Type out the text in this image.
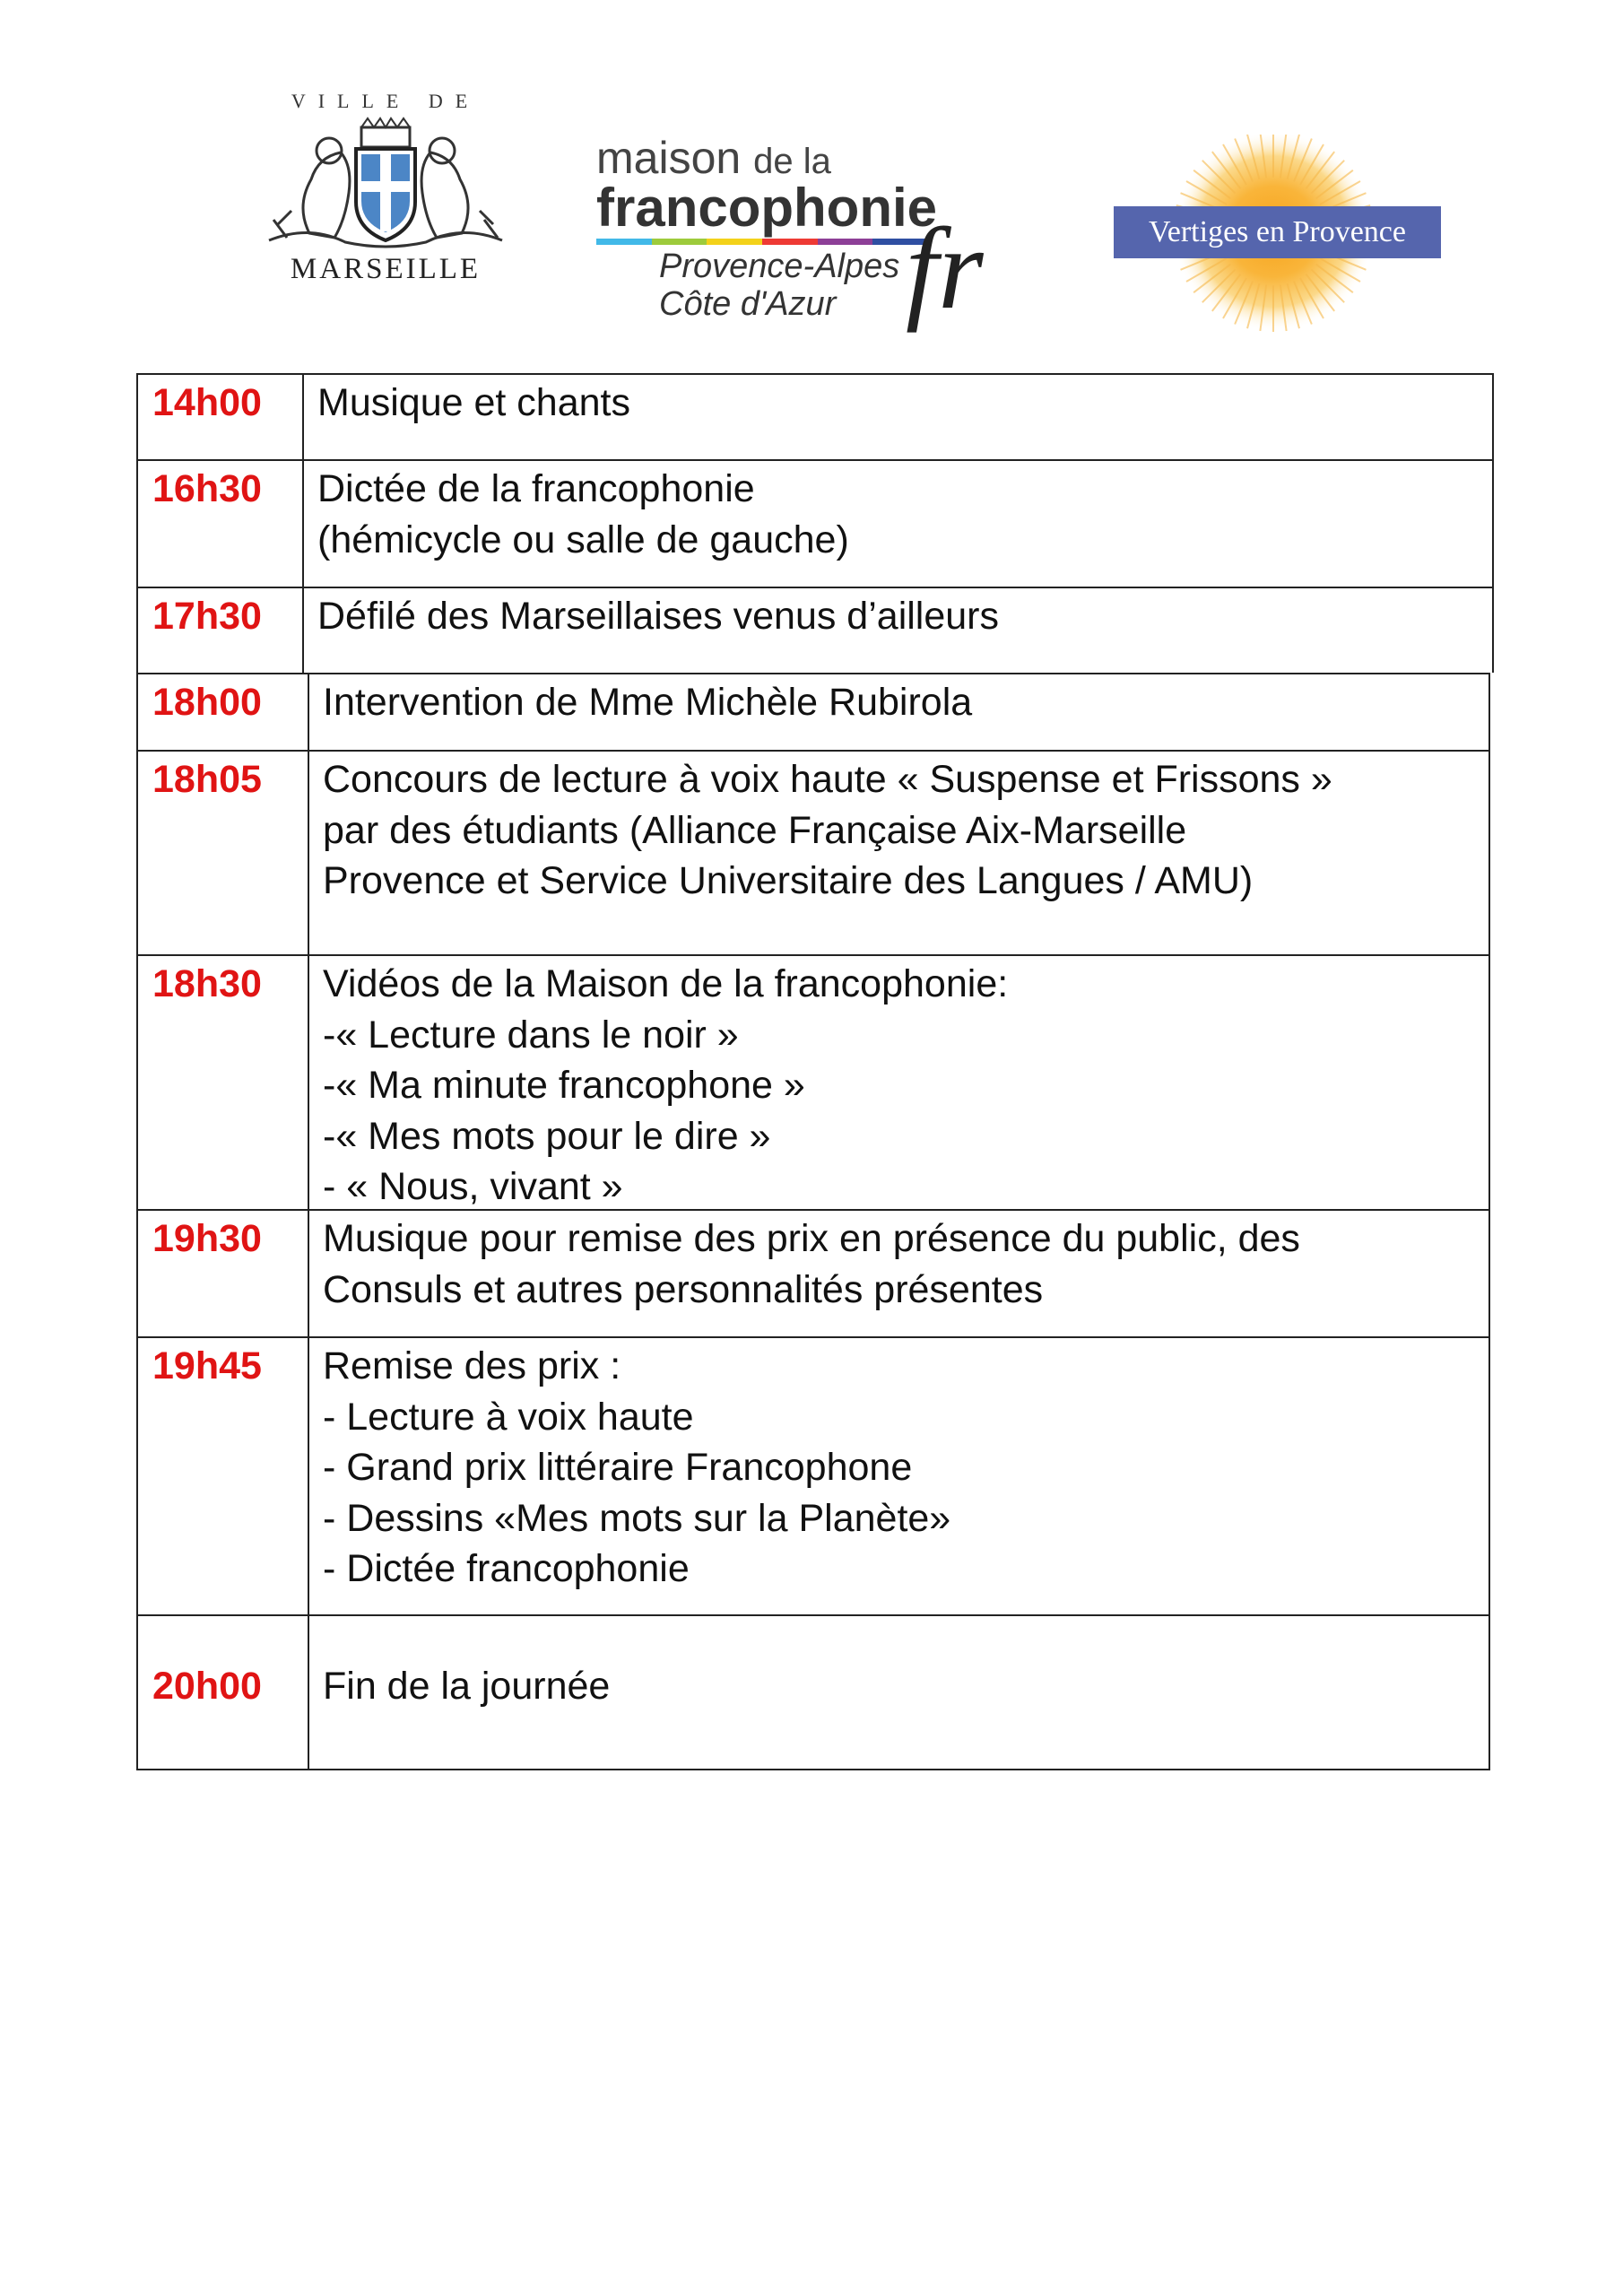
VILLE DE
MARSEILLE
maison de la
francophonie
Provence-Alpes
Côte d'Azur fr	Vertiges en Provence
14h00	Musique et chants
16h30	Dictée de la francophonie
(hémicycle ou salle de gauche)
17h30	Défilé des Marseillaises venus d’ailleurs
18h00	Intervention de Mme Michèle Rubirola
18h05	Concours de lecture à voix haute « Suspense et Frissons »
par des étudiants (Alliance Française Aix-Marseille
Provence et Service Universitaire des Langues / AMU)
18h30	Vidéos de la Maison de la francophonie:
-« Lecture dans le noir »
-« Ma minute francophone »
-« Mes mots pour le dire »
- « Nous, vivant »
19h30	Musique pour remise des prix en présence du public, des
Consuls et autres personnalités présentes
19h45	Remise des prix :
- Lecture à voix haute
- Grand prix littéraire Francophone
- Dessins «Mes mots sur la Planète»
- Dictée francophonie
20h00	Fin de la journée
